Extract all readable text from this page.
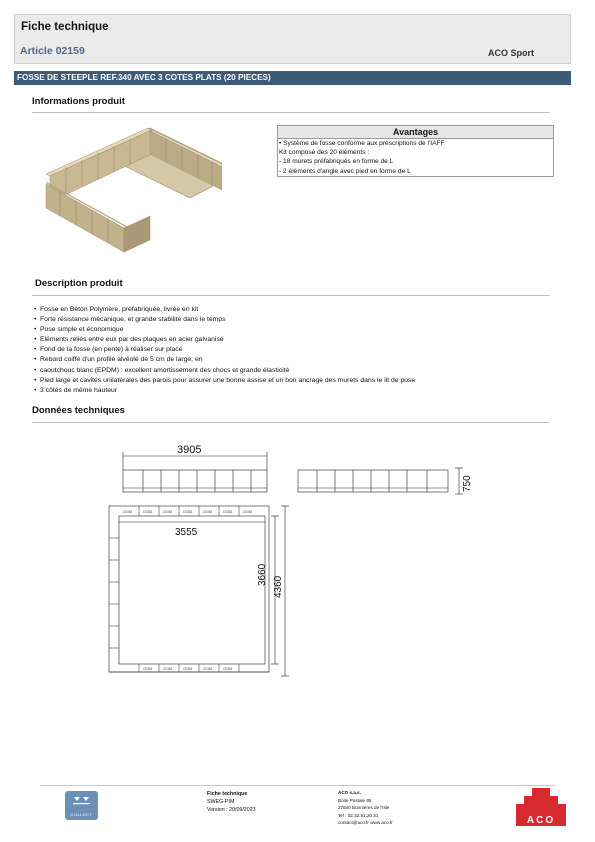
Fiche technique
Article 02159	ACO Sport
FOSSE DE STEEPLE REF.340 AVEC 3 COTES PLATS (20 PIECES)
Informations produit
Avantages
• Système de fosse conforme aux prescriptions de l'IAFF
Kit composé des 20 éléments :
- 18 murets préfabriqués en forme de L
- 2 éléments d'angle avec pied en forme de L
Description produit
• Fosse en Béton Polymère, préfabriquée, livrée en kit
• Forte résistance mécanique, et grande stabilité dans le temps
• Pose simple et économique
• Eléments reliés entre eux par des plaques en acier galvanisé
• Fond de la fosse (en pente) à réaliser sur place
• Rebord coiffé d'un profilé alvéolé de 5 cm de large, en
• caoutchouc blanc (EPDM) : excellent amortissement des chocs et grande élasticité
• Pied large et cavités unilatérales des parois pour assurer une bonne assise et un bon ancrage des murets dans le lit de pose
• 3 côtés de même hauteur
Données techniques
3905
3555
3660
4360
750
C0351	C0351	C0351	C0351	C0351	C0351	C0351
C0351	C0351	C0351	C0351	C0351
COLLECT
Fiche technique
SWEG-PIM
Version : 20/09/2023
ACO s.a.s.
Boite Postale 85
27640 Bonnieres de l'Isle
Tel : 02.32.51.20.31
contact@aco.fr www.aco.fr	ACO
